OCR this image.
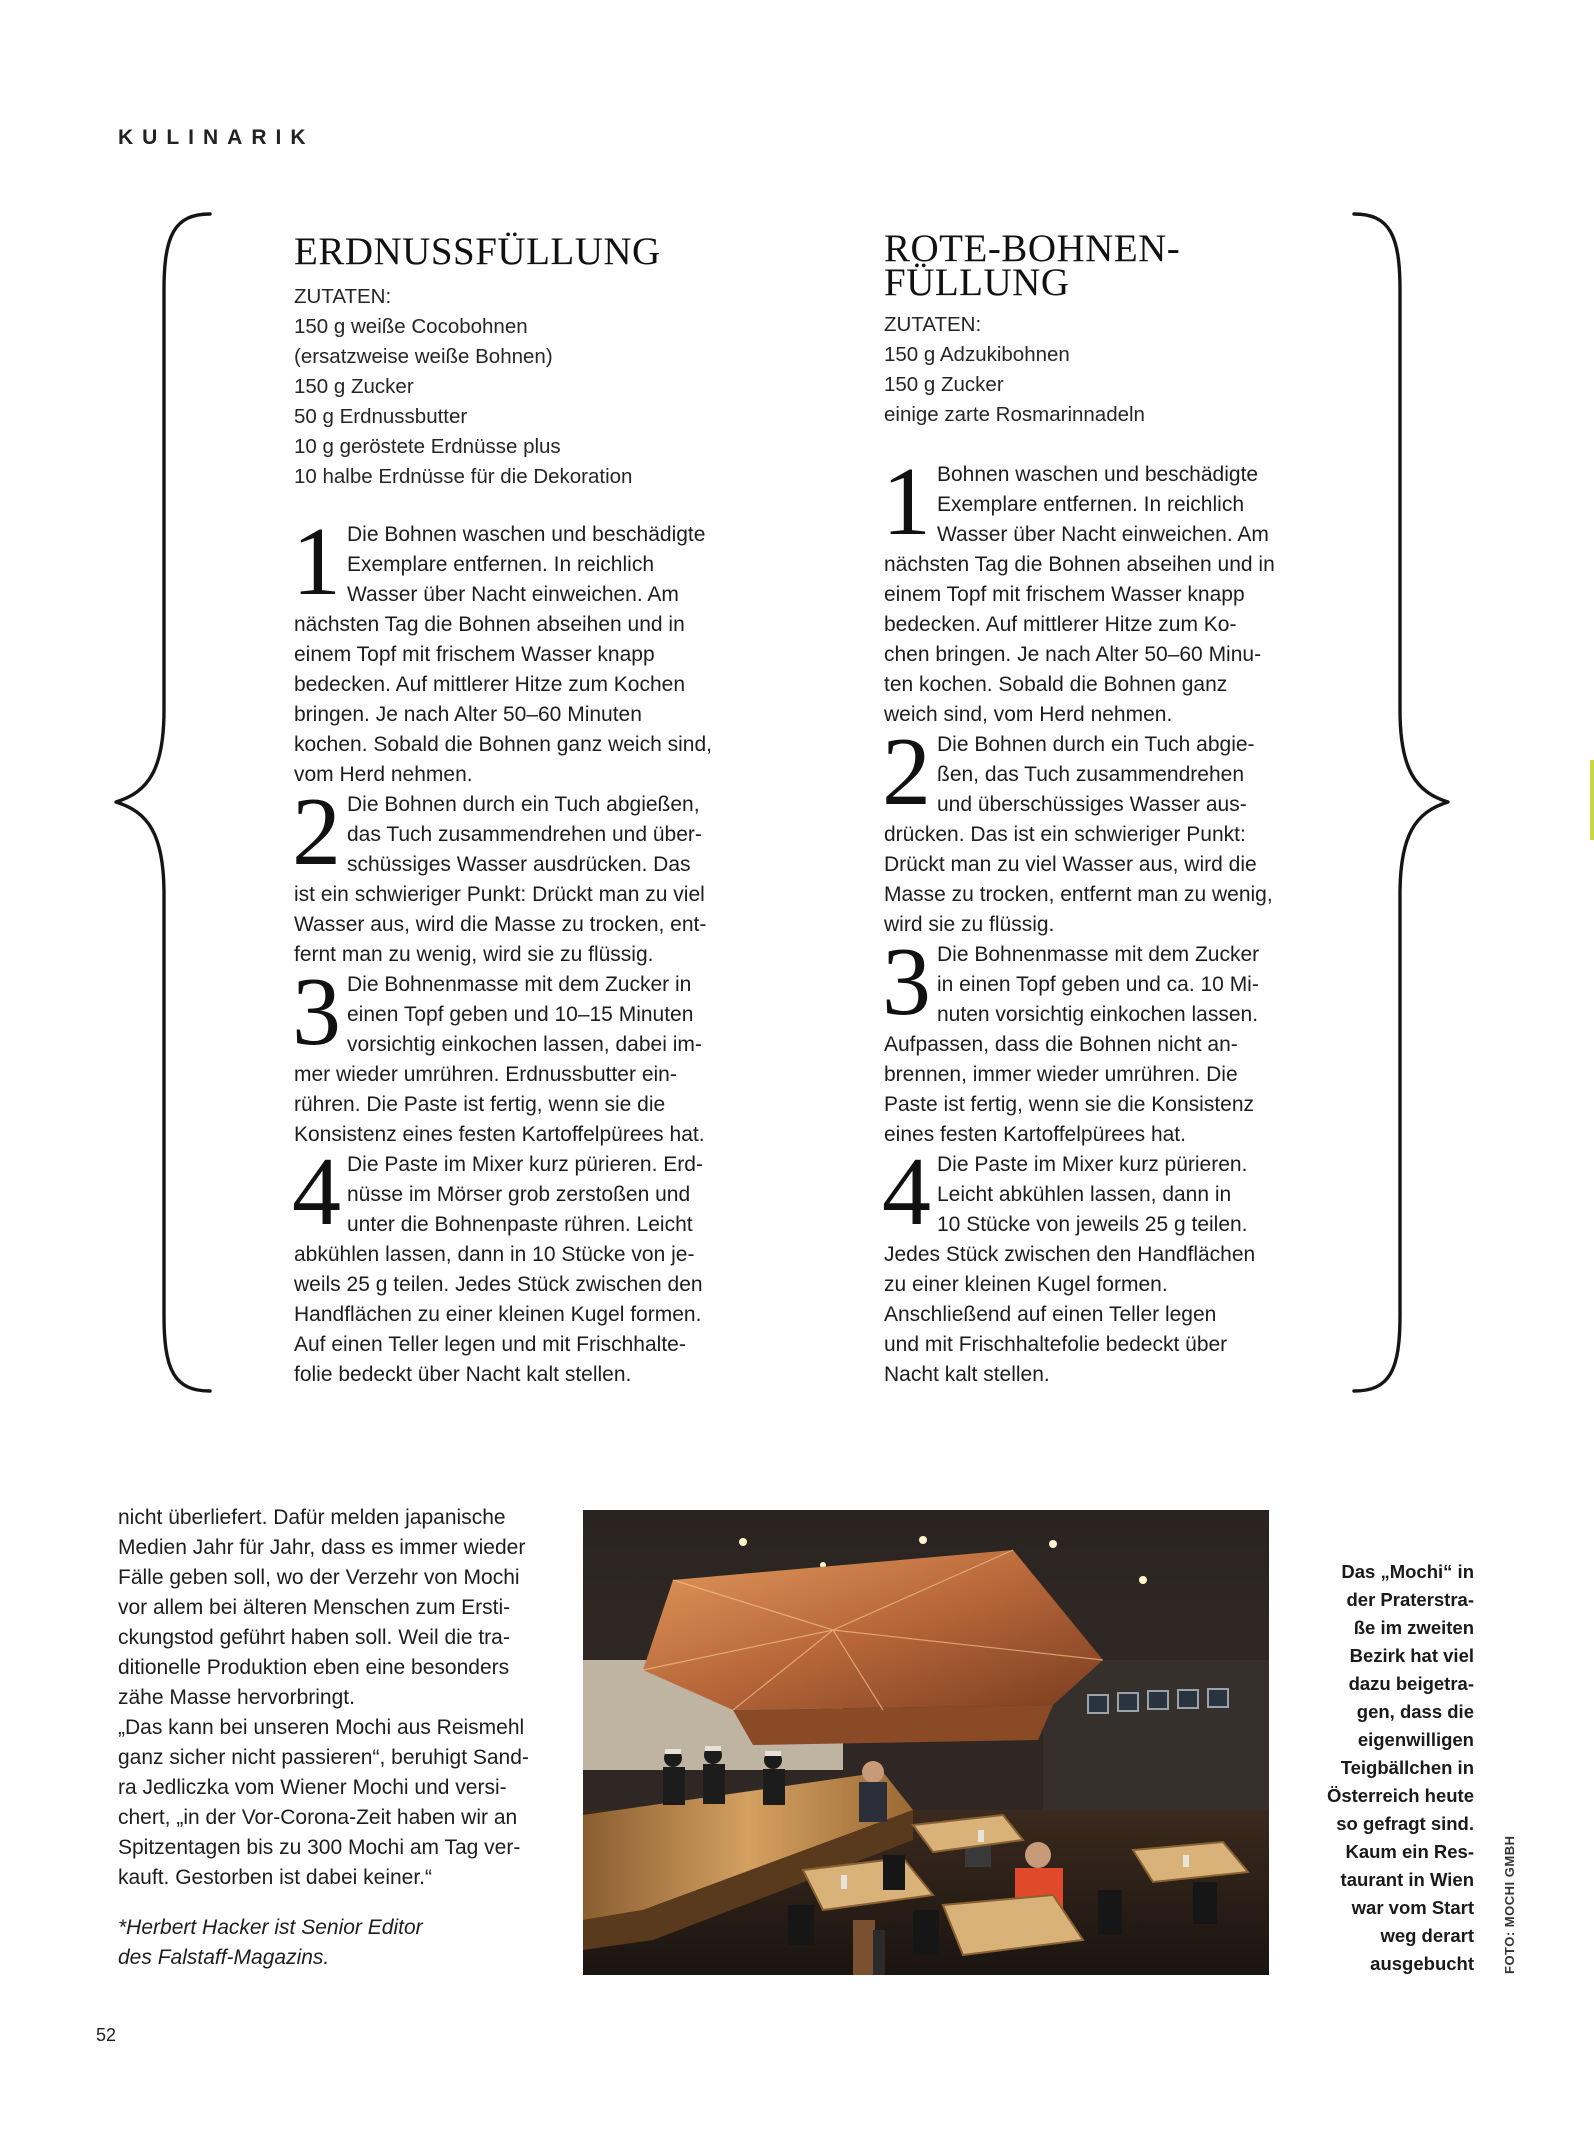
KULINARIK
ERDNUSSFÜLLUNG
ZUTATEN:
150 g weiße Cocobohnen
(ersatzweise weiße Bohnen)
150 g Zucker
50 g Erdnussbutter
10 g geröstete Erdnüsse plus
10 halbe Erdnüsse für die Dekoration
1 Die Bohnen waschen und beschädigte
Exemplare entfernen. In reichlich
Wasser über Nacht einweichen. Am
nächsten Tag die Bohnen abseihen und in
einem Topf mit frischem Wasser knapp
bedecken. Auf mittlerer Hitze zum Kochen
bringen. Je nach Alter 50–60 Minuten
kochen. Sobald die Bohnen ganz weich sind,
vom Herd nehmen.
2 Die Bohnen durch ein Tuch abgießen,
das Tuch zusammendrehen und über-
schüssiges Wasser ausdrücken. Das
ist ein schwieriger Punkt: Drückt man zu viel
Wasser aus, wird die Masse zu trocken, ent-
fernt man zu wenig, wird sie zu flüssig.
3 Die Bohnenmasse mit dem Zucker in
einen Topf geben und 10–15 Minuten
vorsichtig einkochen lassen, dabei im-
mer wieder umrühren. Erdnussbutter ein-
rühren. Die Paste ist fertig, wenn sie die
Konsistenz eines festen Kartoffelpürees hat.
4 Die Paste im Mixer kurz pürieren. Erd-
nüsse im Mörser grob zerstoßen und
unter die Bohnenpaste rühren. Leicht
abkühlen lassen, dann in 10 Stücke von je-
weils 25 g teilen. Jedes Stück zwischen den
Handflächen zu einer kleinen Kugel formen.
Auf einen Teller legen und mit Frischhalte-
folie bedeckt über Nacht kalt stellen.
ROTE-BOHNEN-
FÜLLUNG
ZUTATEN:
150 g Adzukibohnen
150 g Zucker
einige zarte Rosmarinnadeln
1 Bohnen waschen und beschädigte
Exemplare entfernen. In reichlich
Wasser über Nacht einweichen. Am
nächsten Tag die Bohnen abseihen und in
einem Topf mit frischem Wasser knapp
bedecken. Auf mittlerer Hitze zum Ko-
chen bringen. Je nach Alter 50–60 Minu-
ten kochen. Sobald die Bohnen ganz
weich sind, vom Herd nehmen.
2 Die Bohnen durch ein Tuch abgie-
ßen, das Tuch zusammendrehen
und überschüssiges Wasser aus-
drücken. Das ist ein schwieriger Punkt:
Drückt man zu viel Wasser aus, wird die
Masse zu trocken, entfernt man zu wenig,
wird sie zu flüssig.
3 Die Bohnenmasse mit dem Zucker
in einen Topf geben und ca. 10 Mi-
nuten vorsichtig einkochen lassen.
Aufpassen, dass die Bohnen nicht an-
brennen, immer wieder umrühren. Die
Paste ist fertig, wenn sie die Konsistenz
eines festen Kartoffelpürees hat.
4 Die Paste im Mixer kurz pürieren.
Leicht abkühlen lassen, dann in
10 Stücke von jeweils 25 g teilen.
Jedes Stück zwischen den Handflächen
zu einer kleinen Kugel formen.
Anschließend auf einen Teller legen
und mit Frischhaltefolie bedeckt über
Nacht kalt stellen.

nicht überliefert. Dafür melden japanische
Medien Jahr für Jahr, dass es immer wieder
Fälle geben soll, wo der Verzehr von Mochi
vor allem bei älteren Menschen zum Ersti-
ckungstod geführt haben soll. Weil die tra-
ditionelle Produktion eben eine besonders
zähe Masse hervorbringt.

„Das kann bei unseren Mochi aus Reismehl
ganz sicher nicht passieren“, beruhigt Sand-
ra Jedliczka vom Wiener Mochi und versi-
chert, „in der Vor-Corona-Zeit haben wir an
Spitzentagen bis zu 300 Mochi am Tag ver-
kauft. Gestorben ist dabei keiner.“

*Herbert Hacker ist Senior Editor
des Falstaff-Magazins.

Das „Mochi“ in
der Praterstra-
ße im zweiten
Bezirk hat viel
dazu beigetra-
gen, dass die
eigenwilligen
Teigbällchen in
Österreich heute
so gefragt sind.
Kaum ein Res-
taurant in Wien
war vom Start
weg derart
ausgebucht FOTO: MOCHI GMBH
52
